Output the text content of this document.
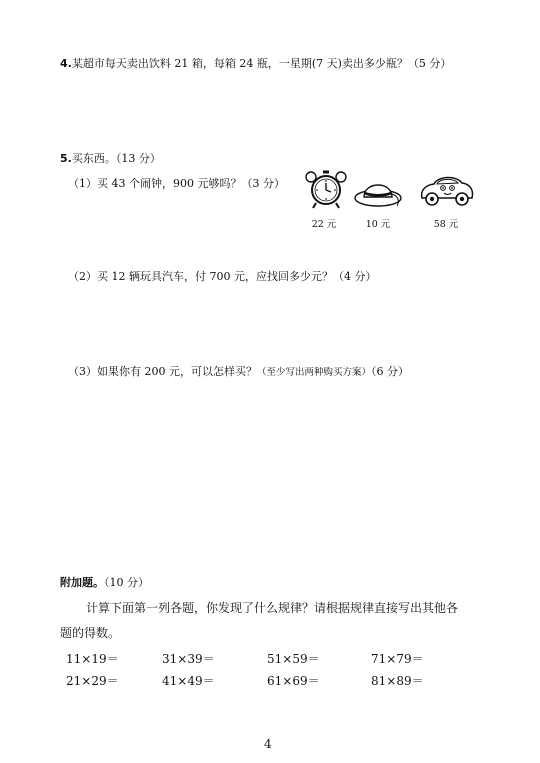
4.某超市每天卖出饮料 21 箱，每箱 24 瓶，一星期(7 天)卖出多少瓶？（5 分）
5.买东西。（13 分）
（1）买 43 个闹钟，900 元够吗？（3 分）
22 元	10 元	58 元
（2）买 12 辆玩具汽车，付 700 元，应找回多少元？（4 分）
（3）如果你有 200 元，可以怎样买？（至少写出两种购买方案）（6 分）
附加题。（10 分）
计算下面第一列各题，你发现了什么规律？请根据规律直接写出其他各
题的得数。
11×19＝	31×39＝	51×59＝	71×79＝
21×29＝	41×49＝	61×69＝	81×89＝
4
